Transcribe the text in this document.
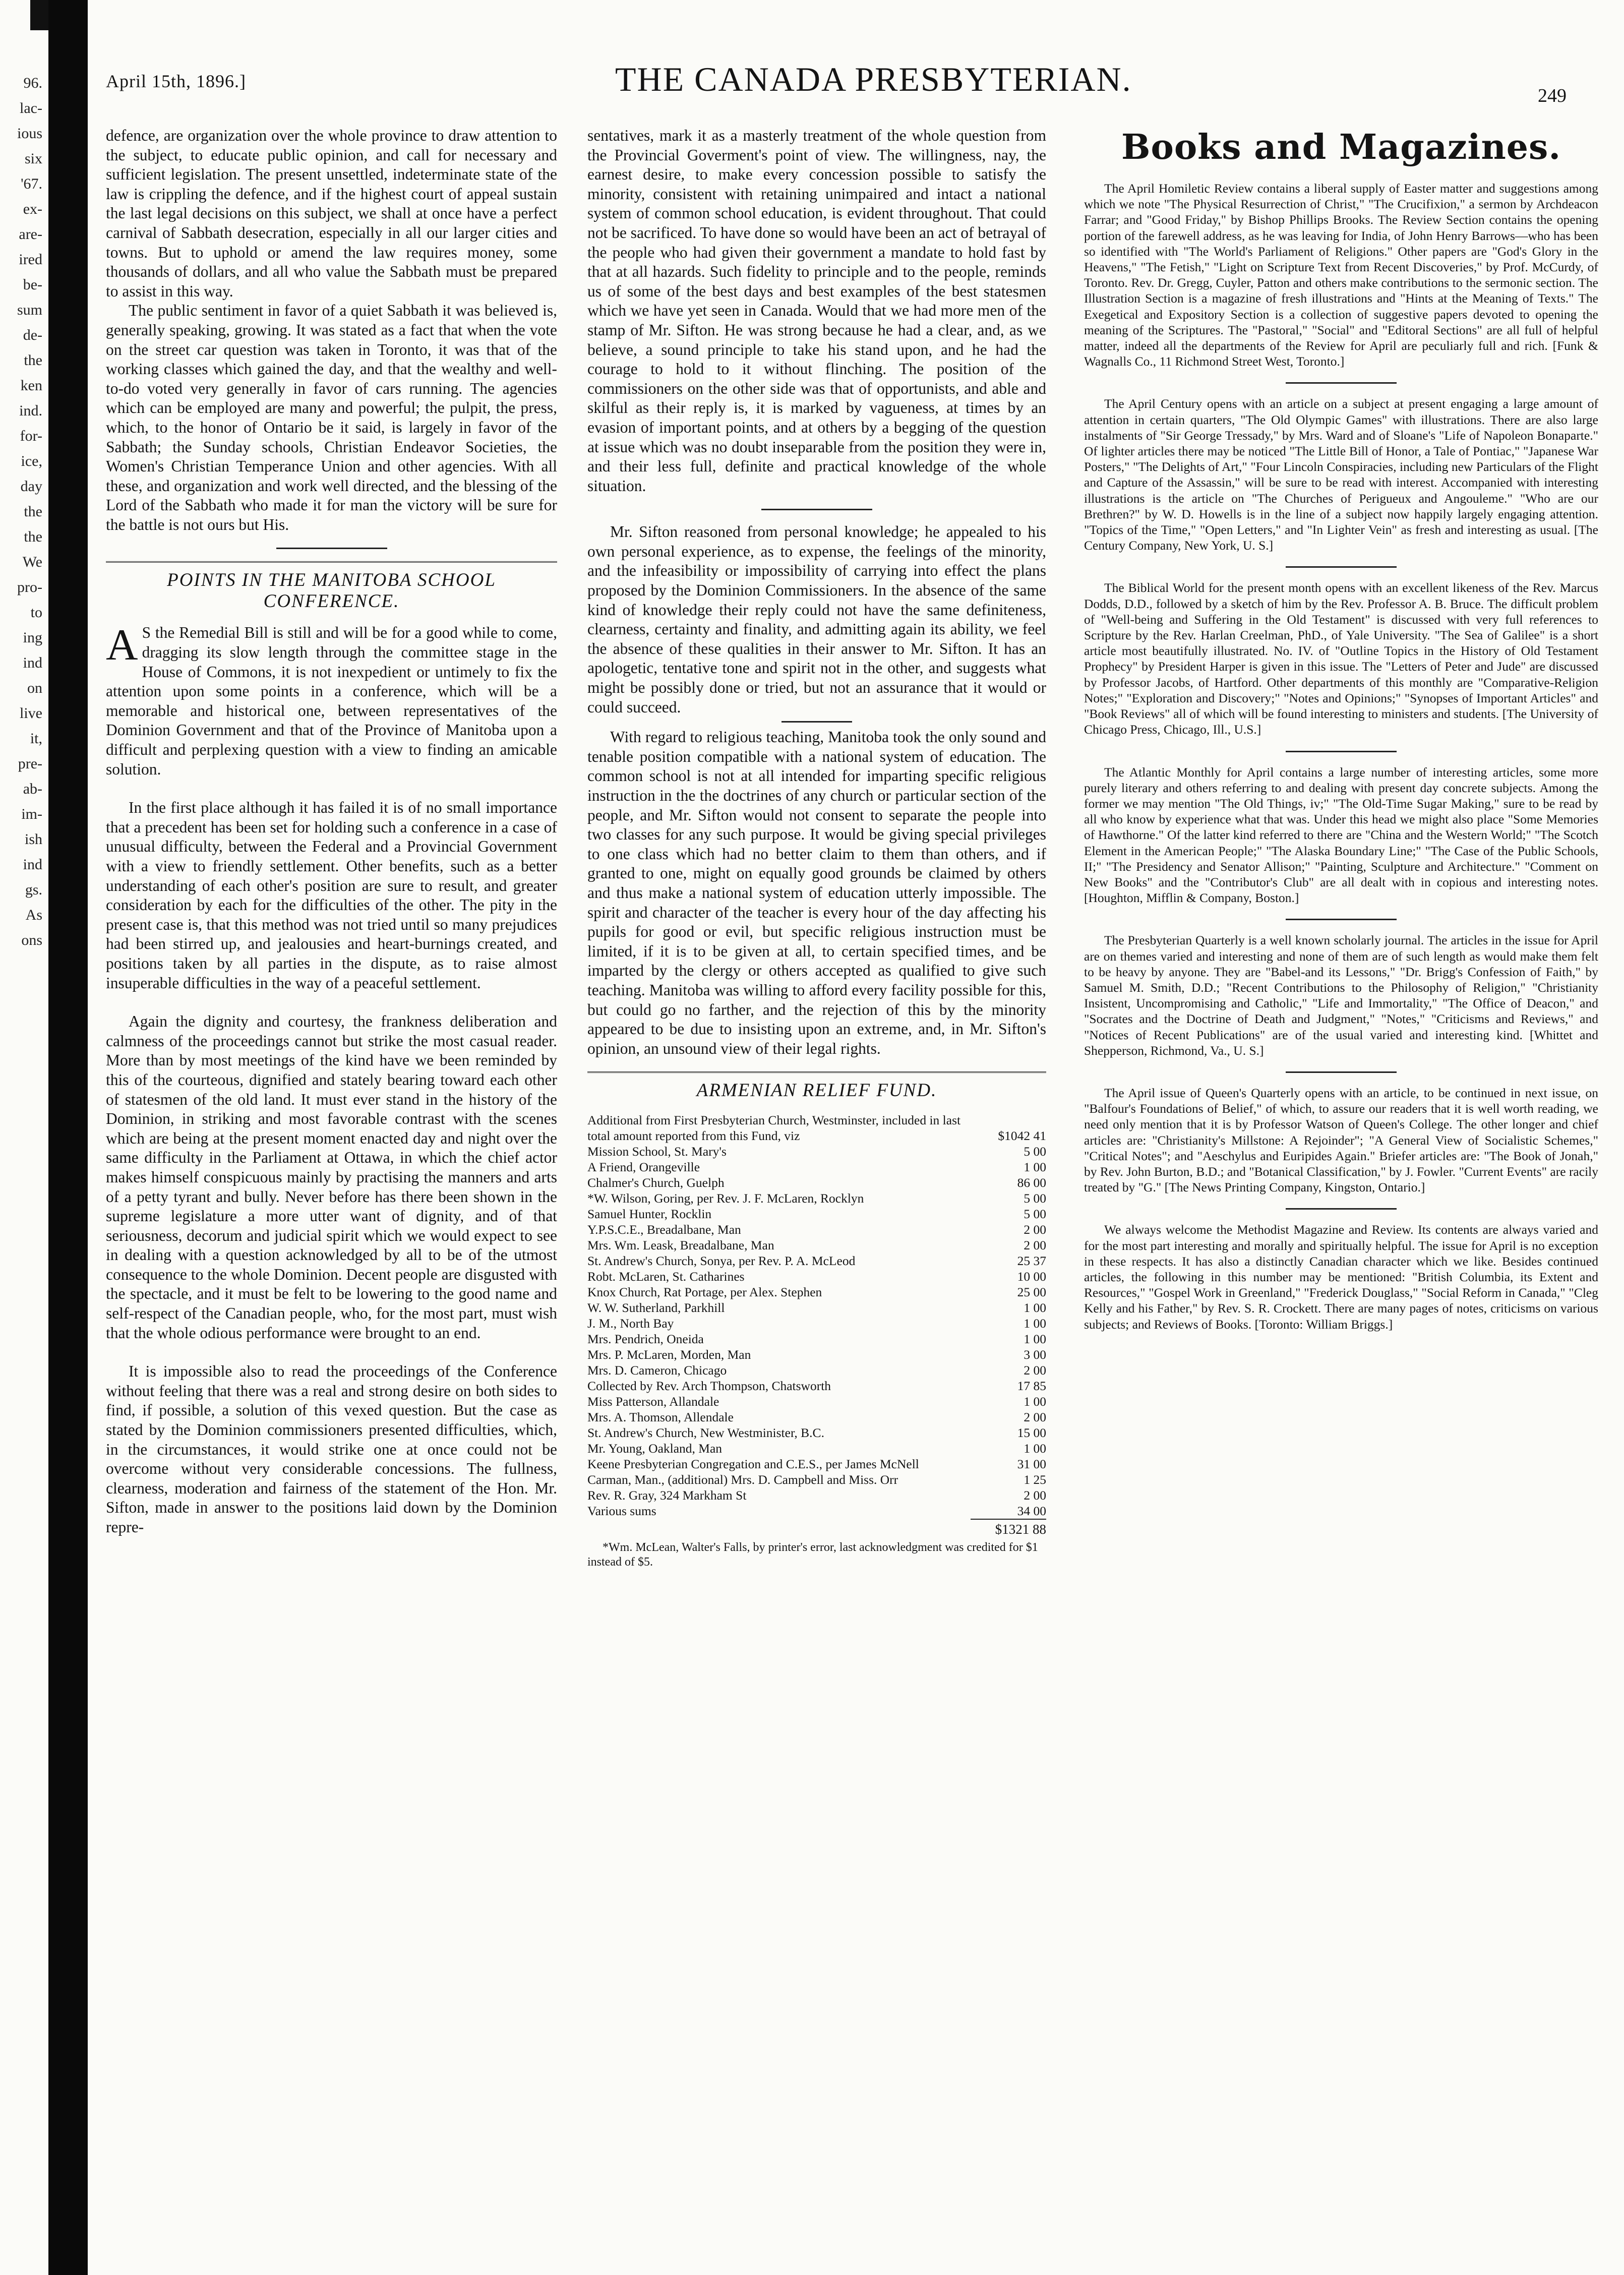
96.
lac-
ious
six
'67.
ex-
are-
ired
be-
sum
de-
the
ken
ind.
for-
ice,
day
the
the
We
pro-
to
ing
ind
on
live
it,
pre-
ab-
im-
ish
ind
gs.
As
ons
April 15th, 1896.]	THE CANADA PRESBYTERIAN.	249

defence, are organization over the whole province to draw attention to the subject, to educate public opinion, and call for necessary and sufficient legislation. The present unsettled, indeterminate state of the law is crippling the defence, and if the highest court of appeal sustain the last legal decisions on this subject, we shall at once have a perfect carnival of Sabbath desecration, especially in all our larger cities and towns. But to uphold or amend the law requires money, some thousands of dollars, and all who value the Sabbath must be prepared to assist in this way.

The public sentiment in favor of a quiet Sabbath it was believed is, generally speaking, growing. It was stated as a fact that when the vote on the street car question was taken in Toronto, it was that of the working classes which gained the day, and that the wealthy and well-to-do voted very generally in favor of cars running. The agencies which can be employed are many and powerful; the pulpit, the press, which, to the honor of Ontario be it said, is largely in favor of the Sabbath; the Sunday schools, Christian Endeavor Societies, the Women's Christian Temperance Union and other agencies. With all these, and organization and work well directed, and the blessing of the Lord of the Sabbath who made it for man the victory will be sure for the battle is not ours but His.

POINTS IN THE MANITOBA SCHOOL CONFERENCE.

A S the Remedial Bill is still and will be for a good while to come, dragging its slow length through the committee stage in the House of Commons, it is not inexpedient or untimely to fix the attention upon some points in a conference, which will be a memorable and historical one, between representatives of the Dominion Government and that of the Province of Manitoba upon a difficult and perplexing question with a view to finding an amicable solution.

In the first place although it has failed it is of no small importance that a precedent has been set for holding such a conference in a case of unusual difficulty, between the Federal and a Provincial Government with a view to friendly settlement. Other benefits, such as a better understanding of each other's position are sure to result, and greater consideration by each for the difficulties of the other. The pity in the present case is, that this method was not tried until so many prejudices had been stirred up, and jealousies and heart-burnings created, and positions taken by all parties in the dispute, as to raise almost insuperable difficulties in the way of a peaceful settlement.

Again the dignity and courtesy, the frankness deliberation and calmness of the proceedings cannot but strike the most casual reader. More than by most meetings of the kind have we been reminded by this of the courteous, dignified and stately bearing toward each other of statesmen of the old land. It must ever stand in the history of the Dominion, in striking and most favorable contrast with the scenes which are being at the present moment enacted day and night over the same difficulty in the Parliament at Ottawa, in which the chief actor makes himself conspicuous mainly by practising the manners and arts of a petty tyrant and bully. Never before has there been shown in the supreme legislature a more utter want of dignity, and of that seriousness, decorum and judicial spirit which we would expect to see in dealing with a question acknowledged by all to be of the utmost consequence to the whole Dominion. Decent people are disgusted with the spectacle, and it must be felt to be lowering to the good name and self-respect of the Canadian people, who, for the most part, must wish that the whole odious performance were brought to an end.

It is impossible also to read the proceedings of the Conference without feeling that there was a real and strong desire on both sides to find, if possible, a solution of this vexed question. But the case as stated by the Dominion commissioners presented difficulties, which, in the circumstances, it would strike one at once could not be overcome without very considerable concessions. The fullness, clearness, moderation and fairness of the statement of the Hon. Mr. Sifton, made in answer to the positions laid down by the Dominion repre-

sentatives, mark it as a masterly treatment of the whole question from the Provincial Goverment's point of view. The willingness, nay, the earnest desire, to make every concession possible to satisfy the minority, consistent with retaining unimpaired and intact a national system of common school education, is evident throughout. That could not be sacrificed. To have done so would have been an act of betrayal of the people who had given their government a mandate to hold fast by that at all hazards. Such fidelity to principle and to the people, reminds us of some of the best days and best examples of the best statesmen which we have yet seen in Canada. Would that we had more men of the stamp of Mr. Sifton. He was strong because he had a clear, and, as we believe, a sound principle to take his stand upon, and he had the courage to hold to it without flinching. The position of the commissioners on the other side was that of opportunists, and able and skilful as their reply is, it is marked by vagueness, at times by an evasion of important points, and at others by a begging of the question at issue which was no doubt inseparable from the position they were in, and their less full, definite and practical knowledge of the whole situation.

Mr. Sifton reasoned from personal knowledge; he appealed to his own personal experience, as to expense, the feelings of the minority, and the infeasibility or impossibility of carrying into effect the plans proposed by the Dominion Commissioners. In the absence of the same kind of knowledge their reply could not have the same definiteness, clearness, certainty and finality, and admitting again its ability, we feel the absence of these qualities in their answer to Mr. Sifton. It has an apologetic, tentative tone and spirit not in the other, and suggests what might be possibly done or tried, but not an assurance that it would or could succeed.

With regard to religious teaching, Manitoba took the only sound and tenable position compatible with a national system of education. The common school is not at all intended for imparting specific religious instruction in the the doctrines of any church or particular section of the people, and Mr. Sifton would not consent to separate the people into two classes for any such purpose. It would be giving special privileges to one class which had no better claim to them than others, and if granted to one, might on equally good grounds be claimed by others and thus make a national system of education utterly impossible. The spirit and character of the teacher is every hour of the day affecting his pupils for good or evil, but specific religious instruction must be limited, if it is to be given at all, to certain specified times, and be imparted by the clergy or others accepted as qualified to give such teaching. Manitoba was willing to afford every facility possible for this, but could go no farther, and the rejection of this by the minority appeared to be due to insisting upon an extreme, and, in Mr. Sifton's opinion, an unsound view of their legal rights.

ARMENIAN RELIEF FUND.
Additional from First Presbyterian Church, Westminster, included in last total amount reported from this Fund, viz	$1042 41
Mission School, St. Mary's	5 00
A Friend, Orangeville	1 00
Chalmer's Church, Guelph	86 00
*W. Wilson, Goring, per Rev. J. F. McLaren, Rocklyn	5 00
Samuel Hunter, Rocklin	5 00
Y.P.S.C.E., Breadalbane, Man	2 00
Mrs. Wm. Leask, Breadalbane, Man	2 00
St. Andrew's Church, Sonya, per Rev. P. A. McLeod	25 37
Robt. McLaren, St. Catharines	10 00
Knox Church, Rat Portage, per Alex. Stephen	25 00
W. W. Sutherland, Parkhill	1 00
J. M., North Bay	1 00
Mrs. Pendrich, Oneida	1 00
Mrs. P. McLaren, Morden, Man	3 00
Mrs. D. Cameron, Chicago	2 00
Collected by Rev. Arch Thompson, Chatsworth	17 85
Miss Patterson, Allandale	1 00
Mrs. A. Thomson, Allendale	2 00
St. Andrew's Church, New Westminister, B.C.	15 00
Mr. Young, Oakland, Man	1 00
Keene Presbyterian Congregation and C.E.S., per James McNell	31 00
Carman, Man., (additional) Mrs. D. Campbell and Miss. Orr	1 25
Rev. R. Gray, 324 Markham St	2 00
Various sums	34 00
$1321 88
*Wm. McLean, Walter's Falls, by printer's error, last acknowledgment was credited for $1 instead of $5.
Books and Magazines.

The April Homiletic Review contains a liberal supply of Easter matter and suggestions among which we note "The Physical Resurrection of Christ," "The Crucifixion," a sermon by Archdeacon Farrar; and "Good Friday," by Bishop Phillips Brooks. The Review Section contains the opening portion of the farewell address, as he was leaving for India, of John Henry Barrows—who has been so identified with "The World's Parliament of Religions." Other papers are "God's Glory in the Heavens," "The Fetish," "Light on Scripture Text from Recent Discoveries," by Prof. McCurdy, of Toronto. Rev. Dr. Gregg, Cuyler, Patton and others make contributions to the sermonic section. The Illustration Section is a magazine of fresh illustrations and "Hints at the Meaning of Texts." The Exegetical and Expository Section is a collection of suggestive papers devoted to opening the meaning of the Scriptures. The "Pastoral," "Social" and "Editoral Sections" are all full of helpful matter, indeed all the departments of the Review for April are peculiarly full and rich. [Funk & Wagnalls Co., 11 Richmond Street West, Toronto.]

The April Century opens with an article on a subject at present engaging a large amount of attention in certain quarters, "The Old Olympic Games" with illustrations. There are also large instalments of "Sir George Tressady," by Mrs. Ward and of Sloane's "Life of Napoleon Bonaparte." Of lighter articles there may be noticed "The Little Bill of Honor, a Tale of Pontiac," "Japanese War Posters," "The Delights of Art," "Four Lincoln Conspiracies, including new Particulars of the Flight and Capture of the Assassin," will be sure to be read with interest. Accompanied with interesting illustrations is the article on "The Churches of Perigueux and Angouleme." "Who are our Brethren?" by W. D. Howells is in the line of a subject now happily largely engaging attention. "Topics of the Time," "Open Letters," and "In Lighter Vein" as fresh and interesting as usual. [The Century Company, New York, U. S.]

The Biblical World for the present month opens with an excellent likeness of the Rev. Marcus Dodds, D.D., followed by a sketch of him by the Rev. Professor A. B. Bruce. The difficult problem of "Well-being and Suffering in the Old Testament" is discussed with very full references to Scripture by the Rev. Harlan Creelman, PhD., of Yale University. "The Sea of Galilee" is a short article most beautifully illustrated. No. IV. of "Outline Topics in the History of Old Testament Prophecy" by President Harper is given in this issue. The "Letters of Peter and Jude" are discussed by Professor Jacobs, of Hartford. Other departments of this monthly are "Comparative-Religion Notes;" "Exploration and Discovery;" "Notes and Opinions;" "Synopses of Important Articles" and "Book Reviews" all of which will be found interesting to ministers and students. [The University of Chicago Press, Chicago, Ill., U.S.]

The Atlantic Monthly for April contains a large number of interesting articles, some more purely literary and others referring to and dealing with present day concrete subjects. Among the former we may mention "The Old Things, iv;" "The Old-Time Sugar Making," sure to be read by all who know by experience what that was. Under this head we might also place "Some Memories of Hawthorne." Of the latter kind referred to there are "China and the Western World;" "The Scotch Element in the American People;" "The Alaska Boundary Line;" "The Case of the Public Schools, II;" "The Presidency and Senator Allison;" "Painting, Sculpture and Architecture." "Comment on New Books" and the "Contributor's Club" are all dealt with in copious and interesting notes. [Houghton, Mifflin & Company, Boston.]

The Presbyterian Quarterly is a well known scholarly journal. The articles in the issue for April are on themes varied and interesting and none of them are of such length as would make them felt to be heavy by anyone. They are "Babel-and its Lessons," "Dr. Brigg's Confession of Faith," by Samuel M. Smith, D.D.; "Recent Contributions to the Philosophy of Religion," "Christianity Insistent, Uncompromising and Catholic," "Life and Immortality," "The Office of Deacon," and "Socrates and the Doctrine of Death and Judgment," "Notes," "Criticisms and Reviews," and "Notices of Recent Publications" are of the usual varied and interesting kind. [Whittet and Shepperson, Richmond, Va., U. S.]

The April issue of Queen's Quarterly opens with an article, to be continued in next issue, on "Balfour's Foundations of Belief," of which, to assure our readers that it is well worth reading, we need only mention that it is by Professor Watson of Queen's College. The other longer and chief articles are: "Christianity's Millstone: A Rejoinder"; "A General View of Socialistic Schemes," "Critical Notes"; and "Aeschylus and Euripides Again." Briefer articles are: "The Book of Jonah," by Rev. John Burton, B.D.; and "Botanical Classification," by J. Fowler. "Current Events" are racily treated by "G." [The News Printing Company, Kingston, Ontario.]

We always welcome the Methodist Magazine and Review. Its contents are always varied and for the most part interesting and morally and spiritually helpful. The issue for April is no exception in these respects. It has also a distinctly Canadian character which we like. Besides continued articles, the following in this number may be mentioned: "British Columbia, its Extent and Resources," "Gospel Work in Greenland," "Frederick Douglass," "Social Reform in Canada," "Cleg Kelly and his Father," by Rev. S. R. Crockett. There are many pages of notes, criticisms on various subjects; and Reviews of Books. [Toronto: William Briggs.]
